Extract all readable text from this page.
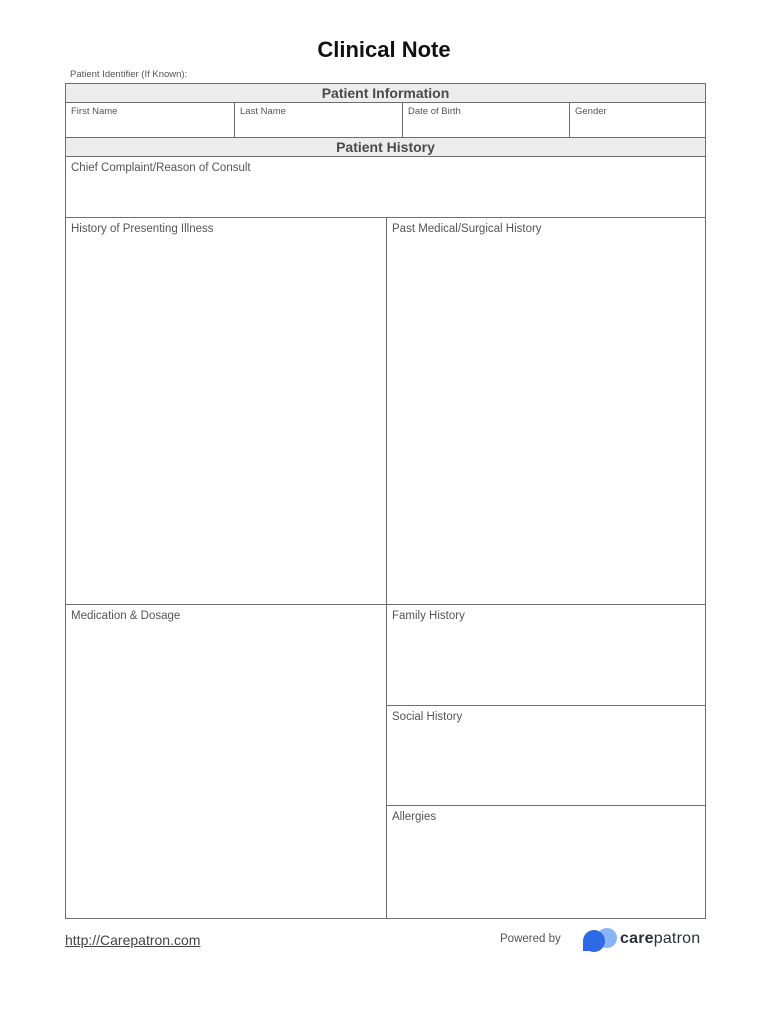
Clinical Note
Patient Identifier (If Known):
Patient Information
First Name	Last Name	Date of Birth	Gender
Patient History
Chief Complaint/Reason of Consult
History of Presenting Illness	Past Medical/Surgical History
Medication & Dosage	Family History
Social History
Allergies
http://Carepatron.com	Powered by	carepatron
